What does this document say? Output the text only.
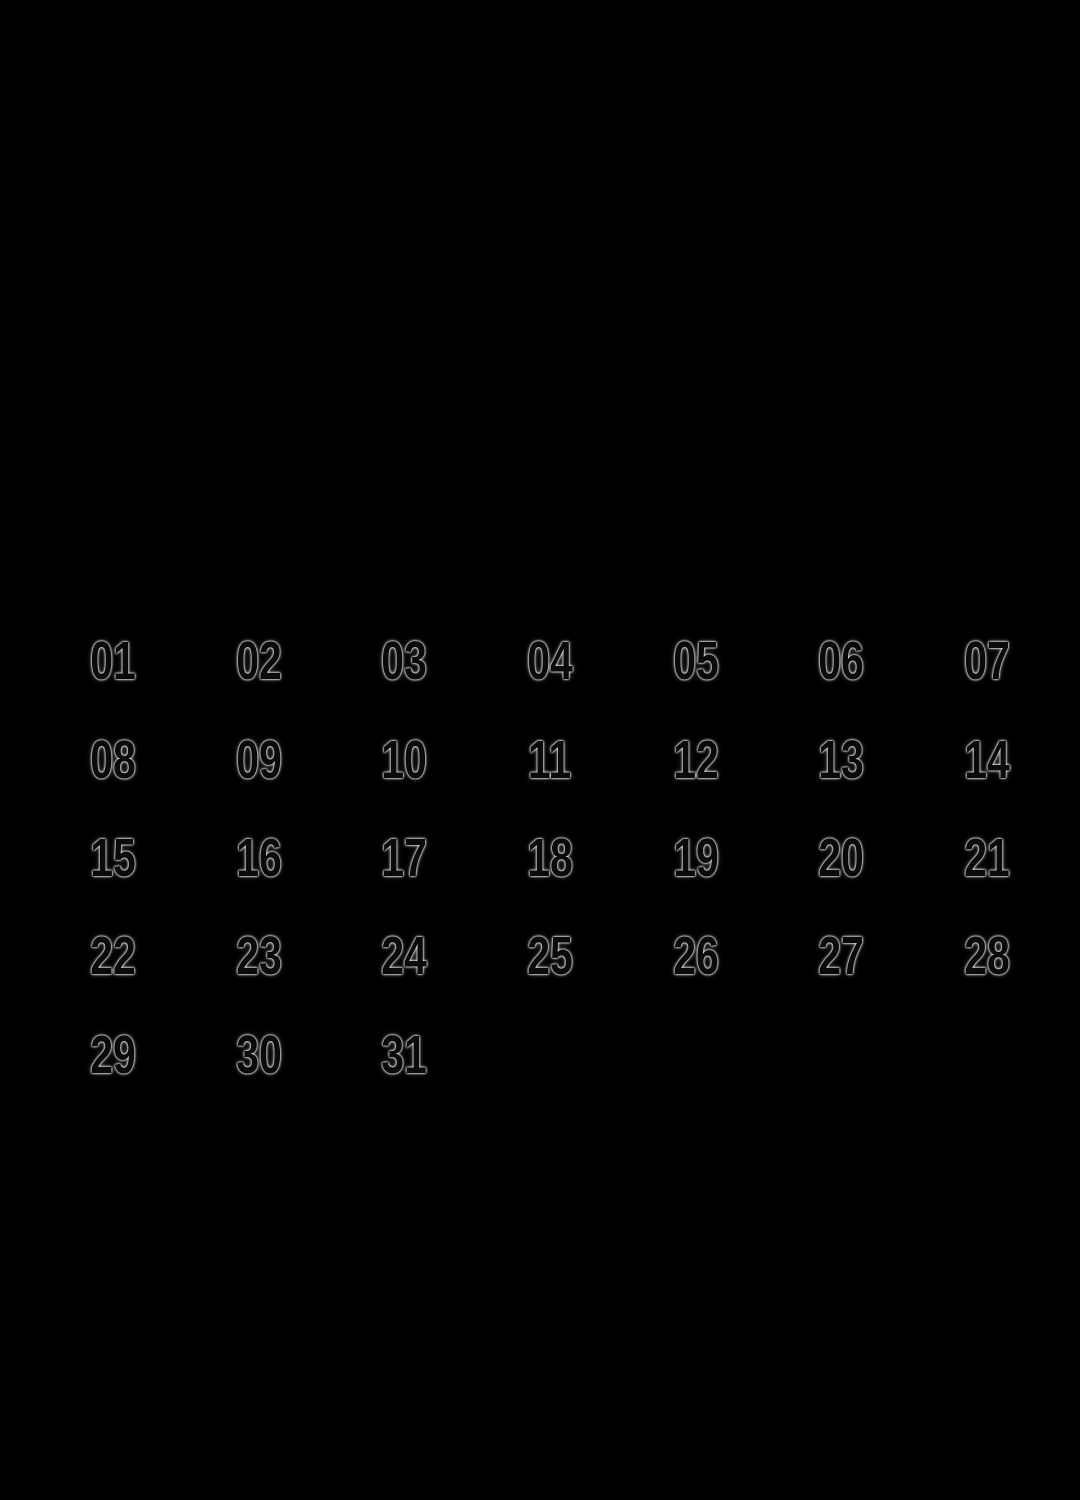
01 02 03 04 05 06 07
08 09 10 11 12 13 14
15 16 17 18 19 20 21
22 23 24 25 26 27 28
29 30 31
